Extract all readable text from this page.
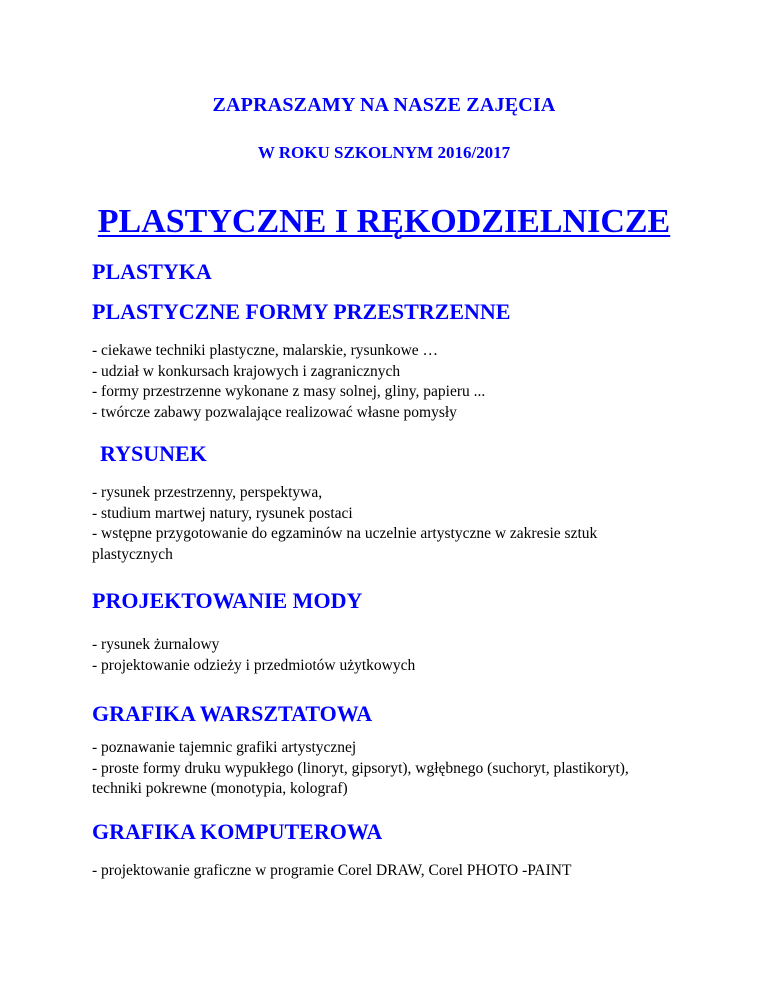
ZAPRASZAMY NA NASZE ZAJĘCIA
W ROKU SZKOLNYM 2016/2017
PLASTYCZNE I RĘKODZIELNICZE
PLASTYKA
PLASTYCZNE FORMY PRZESTRZENNE
- ciekawe techniki plastyczne, malarskie, rysunkowe …
- udział w konkursach krajowych i zagranicznych
- formy przestrzenne wykonane z masy solnej, gliny, papieru ...
- twórcze zabawy pozwalające realizować własne pomysły
RYSUNEK
- rysunek przestrzenny, perspektywa,
- studium martwej natury, rysunek postaci
- wstępne przygotowanie do egzaminów na uczelnie artystyczne w zakresie sztuk plastycznych
PROJEKTOWANIE MODY
- rysunek żurnalowy
- projektowanie odzieży i przedmiotów użytkowych
GRAFIKA WARSZTATOWA
- poznawanie tajemnic grafiki artystycznej
- proste formy druku wypukłego (linoryt, gipsoryt), wgłębnego (suchoryt, plastikoryt), techniki pokrewne (monotypia, kolograf)
GRAFIKA KOMPUTEROWA
- projektowanie graficzne w programie Corel DRAW, Corel PHOTO -PAINT
